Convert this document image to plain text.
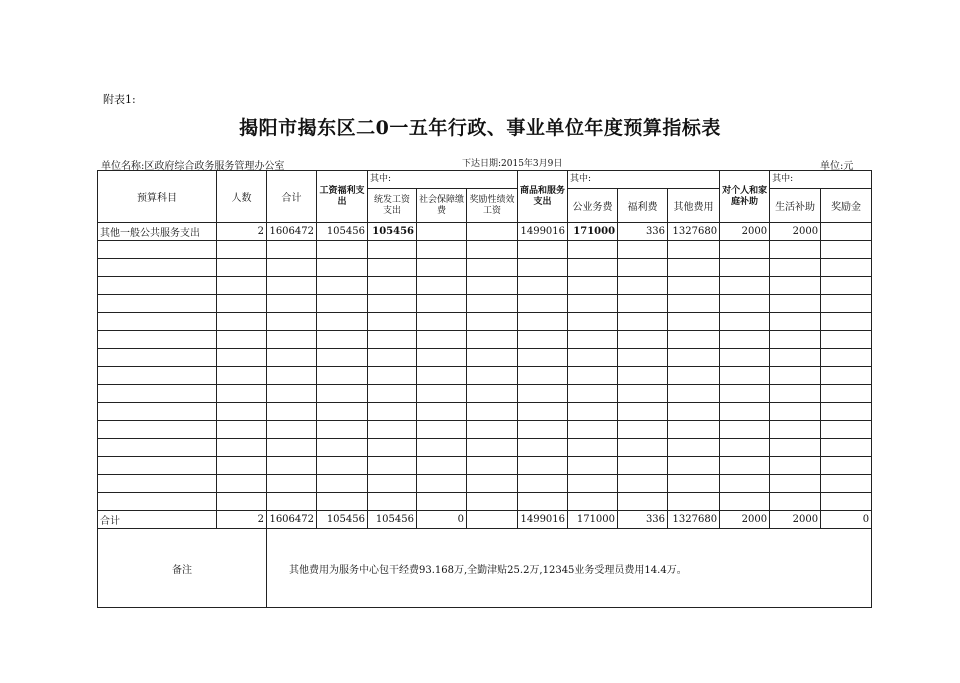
附表1:
揭阳市揭东区二0一五年行政、事业单位年度预算指标表
单位名称:区政府综合政务服务管理办公室	下达日期:2015年3月9日	单位:元
预算科目	人数	合计	工资福利支出	其中:			商品和服务支出	其中:			对个人和家庭补助	其中:	
				统发工资支出	社会保障缴费	奖励性绩效工资		公业务费	福利费	其他费用		生活补助	奖励金
其他一般公共服务支出	2	1606472	105456	105456			1499016	171000	336	1327680	2000	2000	

合计	2	1606472	105456	105456	0		1499016	171000	336	1327680	2000	2000	0
备注		其他费用为服务中心包干经费93.168万,全勤津贴25.2万,12345业务受理员费用14.4万。											
